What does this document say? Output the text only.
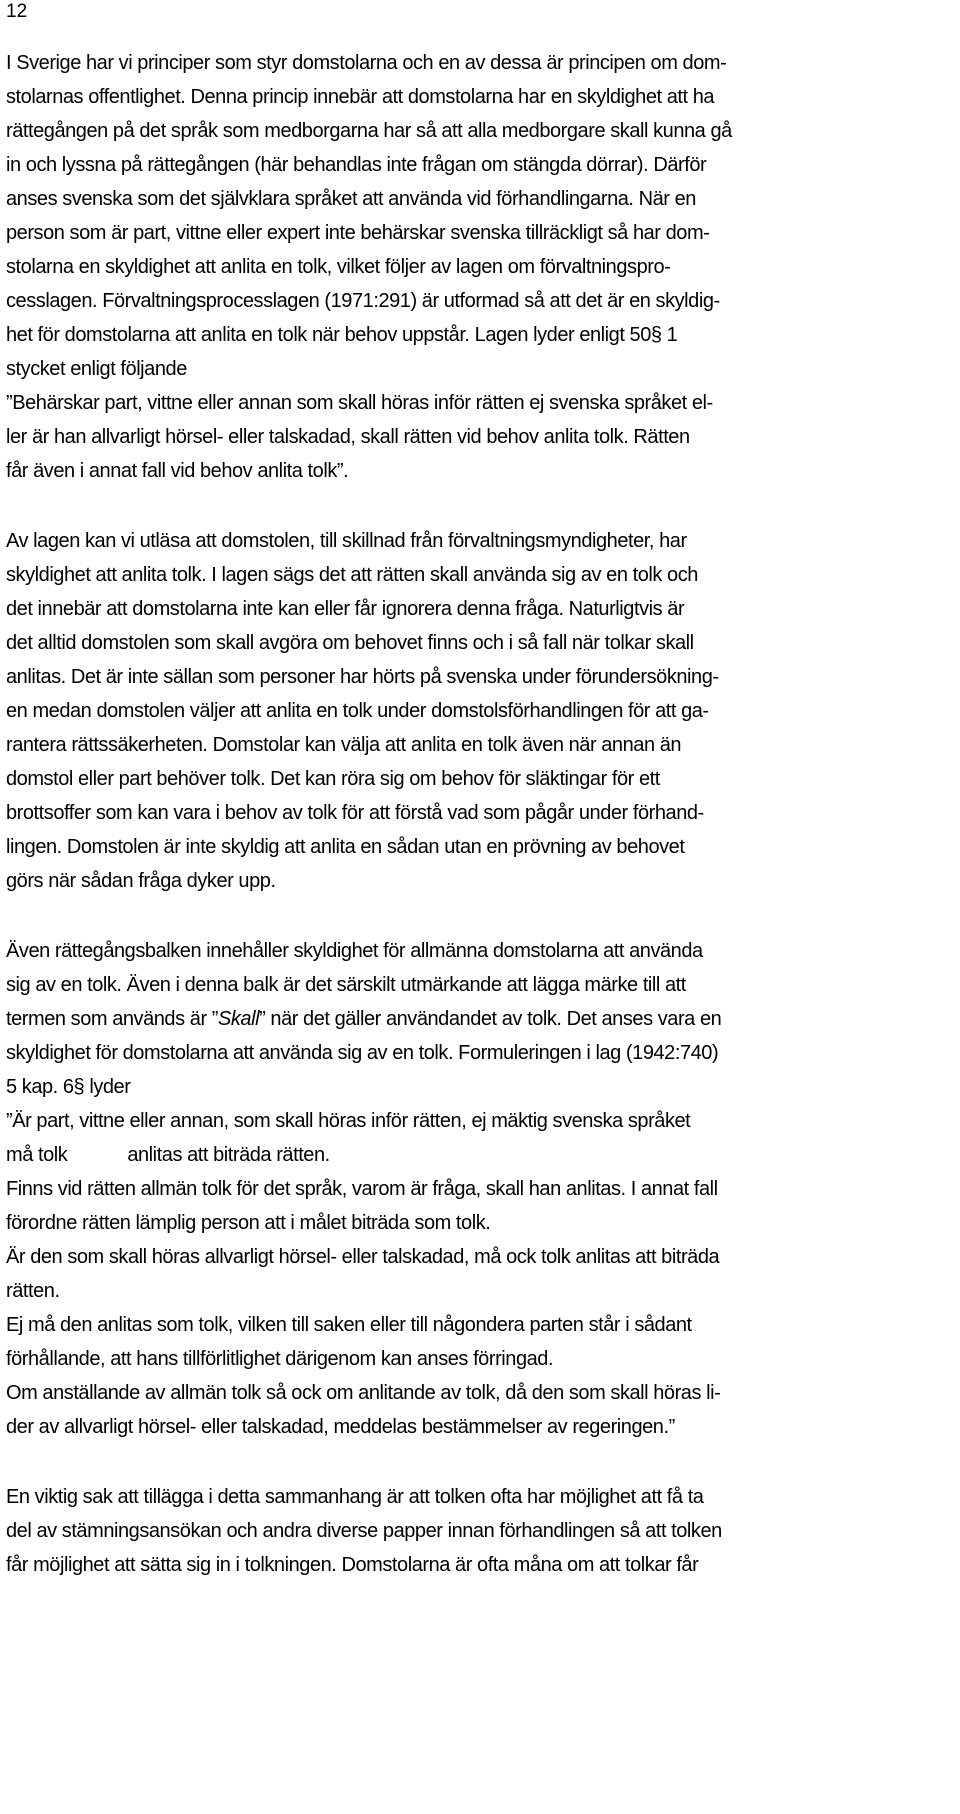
12
I Sverige har vi principer som styr domstolarna och en av dessa är principen om dom-
stolarnas offentlighet. Denna princip innebär att domstolarna har en skyldighet att ha
rättegången på det språk som medborgarna har så att alla medborgare skall kunna gå
in och lyssna på rättegången (här behandlas inte frågan om stängda dörrar). Därför
anses svenska som det självklara språket att använda vid förhandlingarna. När en
person som är part, vittne eller expert inte behärskar svenska tillräckligt så har dom-
stolarna en skyldighet att anlita en tolk, vilket följer av lagen om förvaltningspro-
cesslagen. Förvaltningsprocesslagen (1971:291) är utformad så att det är en skyldig-
het för domstolarna att anlita en tolk när behov uppstår. Lagen lyder enligt 50§ 1
stycket enligt följande
”Behärskar part, vittne eller annan som skall höras inför rätten ej svenska språket el-
ler är han allvarligt hörsel- eller talskadad, skall rätten vid behov anlita tolk. Rätten
får även i annat fall vid behov anlita tolk”.
Av lagen kan vi utläsa att domstolen, till skillnad från förvaltningsmyndigheter, har
skyldighet att anlita tolk. I lagen sägs det att rätten skall använda sig av en tolk och
det innebär att domstolarna inte kan eller får ignorera denna fråga. Naturligtvis är
det alltid domstolen som skall avgöra om behovet finns och i så fall när tolkar skall
anlitas. Det är inte sällan som personer har hörts på svenska under förundersökning-
en medan domstolen väljer att anlita en tolk under domstolsförhandlingen för att ga-
rantera rättssäkerheten. Domstolar kan välja att anlita en tolk även när annan än
domstol eller part behöver tolk. Det kan röra sig om behov för släktingar för ett
brottsoffer som kan vara i behov av tolk för att förstå vad som pågår under förhand-
lingen. Domstolen är inte skyldig att anlita en sådan utan en prövning av behovet
görs när sådan fråga dyker upp.
Även rättegångsbalken innehåller skyldighet för allmänna domstolarna att använda
sig av en tolk. Även i denna balk är det särskilt utmärkande att lägga märke till att
termen som används är ”Skall” när det gäller användandet av tolk. Det anses vara en
skyldighet för domstolarna att använda sig av en tolk. Formuleringen i lag (1942:740)
5 kap. 6§ lyder
”Är part, vittne eller annan, som skall höras inför rätten, ej mäktig svenska språket
må tolk	anlitas att biträda rätten.
Finns vid rätten allmän tolk för det språk, varom är fråga, skall han anlitas. I annat fall
förordne rätten lämplig person att i målet biträda som tolk.
Är den som skall höras allvarligt hörsel- eller talskadad, må ock tolk anlitas att biträda
rätten.
Ej må den anlitas som tolk, vilken till saken eller till någondera parten står i sådant
förhållande, att hans tillförlitlighet därigenom kan anses förringad.
Om anställande av allmän tolk så ock om anlitande av tolk, då den som skall höras li-
der av allvarligt hörsel- eller talskadad, meddelas bestämmelser av regeringen.”
En viktig sak att tillägga i detta sammanhang är att tolken ofta har möjlighet att få ta
del av stämningsansökan och andra diverse papper innan förhandlingen så att tolken
får möjlighet att sätta sig in i tolkningen. Domstolarna är ofta måna om att tolkar får
